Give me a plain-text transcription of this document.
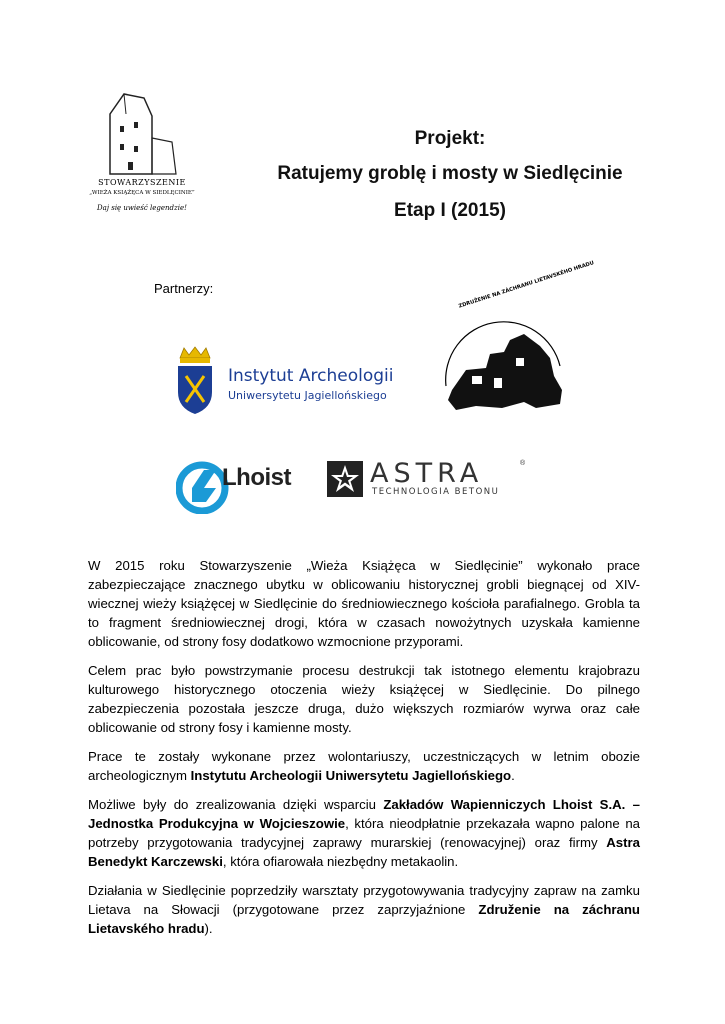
STOWARZYSZENIE
„WIEŻA KSIĄŻĘCA W SIEDLĘCINIE”
Daj się uwieść legendzie!
Projekt:
Ratujemy groblę i mosty w Siedlęcinie
Etap I (2015)
Partnerzy:
Instytut Archeologii
Uniwersytetu Jagiellońskiego
ZDRUŽENIE NA ZÁCHRANU LIETAVSKÉHO HRADU
Lhoist	ASTRA	®
TECHNOLOGIA BETONU

W 2015 roku Stowarzyszenie „Wieża Książęca w Siedlęcinie” wykonało prace zabezpieczające znacznego ubytku w oblicowaniu historycznej grobli biegnącej od XIV-wiecznej wieży książęcej w Siedlęcinie do średniowiecznego kościoła parafialnego. Grobla ta to fragment średniowiecznej drogi, która w czasach nowożytnych uzyskała kamienne oblicowanie, od strony fosy dodatkowo wzmocnione przyporami.

Celem prac było powstrzymanie procesu destrukcji tak istotnego elementu krajobrazu kulturowego historycznego otoczenia wieży książęcej w Siedlęcinie. Do pilnego zabezpieczenia pozostała jeszcze druga, dużo większych rozmiarów wyrwa oraz całe oblicowanie od strony fosy i kamienne mosty.

Prace te zostały wykonane przez wolontariuszy, uczestniczących w letnim obozie archeologicznym Instytutu Archeologii Uniwersytetu Jagiellońskiego.

Możliwe były do zrealizowania dzięki wsparciu Zakładów Wapienniczych Lhoist S.A. – Jednostka Produkcyjna w Wojcieszowie, która nieodpłatnie przekazała wapno palone na potrzeby przygotowania tradycyjnej zaprawy murarskiej (renowacyjnej) oraz firmy Astra Benedykt Karczewski, która ofiarowała niezbędny metakaolin.

Działania w Siedlęcinie poprzedziły warsztaty przygotowywania tradycyjny zapraw na zamku Lietava na Słowacji (przygotowane przez zaprzyjaźnione Združenie na záchranu Lietavského hradu).
